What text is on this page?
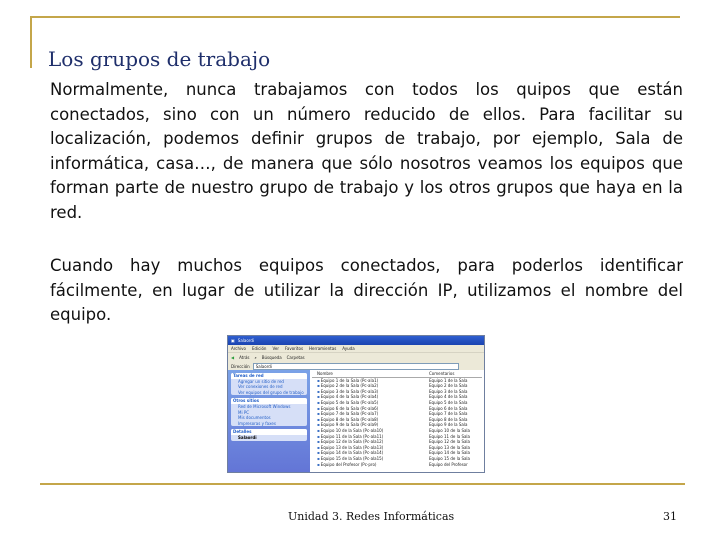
Los grupos de trabajo

Normalmente, nunca trabajamos con todos los quipos que están conectados, sino con un número reducido de ellos. Para facilitar su localización, podemos definir grupos de trabajo, por ejemplo, Sala de informática, casa…, de manera que sólo nosotros veamos los equipos que forman parte de nuestro grupo de trabajo y los otros grupos que haya en la red.

Cuando hay muchos equipos conectados, para poderlos identificar fácilmente, en lugar de utilizar la dirección IP, utilizamos el nombre del equipo.

▣ Salaordi
Archivo Edición Ver Favoritos Herramientas Ayuda
◀ Atrás ⌕ Búsqueda Carpetas
Dirección	Salaordi
Tareas de red
Agregar un sitio de red
Ver conexiones de red
Ver equipos del grupo de trabajo
Otros sitios
Red de Microsoft Windows
Mi PC
Mis documentos
Impresoras y faxes
Detalles
Salaordi
Nombre	Comentarios
▪ Equipo 1 de la Sala (Pc-ala1)	Equipo 1 de la Sala
▪ Equipo 2 de la Sala (Pc-ala2)	Equipo 2 de la Sala
▪ Equipo 3 de la Sala (Pc-ala3)	Equipo 3 de la Sala
▪ Equipo 4 de la Sala (Pc-ala4)	Equipo 4 de la Sala
▪ Equipo 5 de la Sala (Pc-ala5)	Equipo 5 de la Sala
▪ Equipo 6 de la Sala (Pc-ala6)	Equipo 6 de la Sala
▪ Equipo 7 de la Sala (Pc-ala7)	Equipo 7 de la Sala
▪ Equipo 8 de la Sala (Pc-ala8)	Equipo 8 de la Sala
▪ Equipo 9 de la Sala (Pc-ala9)	Equipo 9 de la Sala
▪ Equipo 10 de la Sala (Pc-ala10)	Equipo 10 de la Sala
▪ Equipo 11 de la Sala (Pc-ala11)	Equipo 11 de la Sala
▪ Equipo 12 de la Sala (Pc-ala12)	Equipo 12 de la Sala
▪ Equipo 13 de la Sala (Pc-ala13)	Equipo 13 de la Sala
▪ Equipo 14 de la Sala (Pc-ala14)	Equipo 14 de la Sala
▪ Equipo 15 de la Sala (Pc-ala15)	Equipo 15 de la Sala
▪ Equipo del Profesor (Pc-pro)	Equipo del Profesor
Unidad 3. Redes Informáticas	31
